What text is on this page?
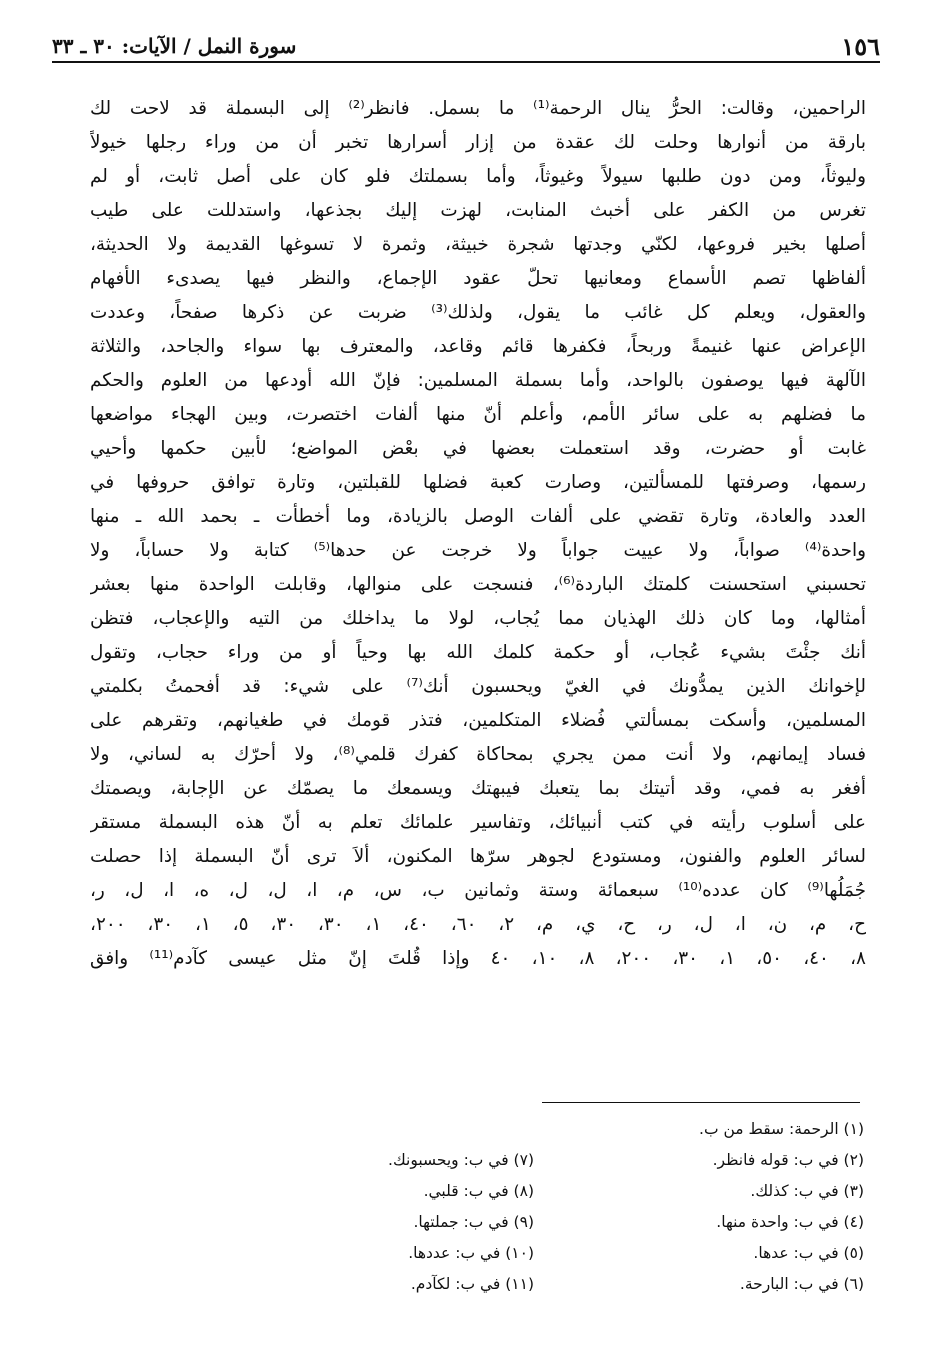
١٥٦
سورة النمل / الآيات: ٣٠ ـ ٣٣
الراحمين، وقالت: الحرُّ ينال الرحمة⁽¹⁾ ما بسمل. فانظر⁽²⁾ إلى البسملة قد لاحت لك
بارقة من أنوارها وحلت لك عقدة من إزار أسرارها تخبر أن من وراء رجلها خيولاً
وليوثاً، ومن دون طلبها سيولاً وغيوثاً، وأما بسملتك فلو كان على أصل ثابت، أو لم
تغرس من الكفر على أخبث المنابت، لهزت إليك بجذعها، واستدللت على طيب
أصلها بخير فروعها، لكنّي وجدتها شجرة خبيثة، وثمرة لا تسوغها القديمة ولا الحديثة،
ألفاظها تصم الأسماع ومعانيها تحلّ عقود الإجماع، والنظر فيها يصدىء الأفهام
والعقول، ويعلم كل غائب ما يقول، ولذلك⁽³⁾ ضربت عن ذكرها صفحاً، وعددت
الإعراض عنها غنيمةً وربحاً، فكفرها قائم وقاعد، والمعترف بها سواء والجاحد، والثلاثة
الآلهة فيها يوصفون بالواحد، وأما بسملة المسلمين: فإنّ الله أودعها من العلوم والحكم
ما فضلهم به على سائر الأمم، وأعلم أنّ منها ألفات اختصرت، وبين الهجاء مواضعها
غابت أو حضرت، وقد استعملت بعضها في بعْض المواضع؛ لأبين حكمها وأحيي
رسمها، وصرفتها للمسألتين، وصارت كعبة فضلها للقبلتين، وتارة توافق حروفها في
العدد والعادة، وتارة تقضي على ألفات الوصل بالزيادة، وما أخطأت ـ بحمد الله ـ منها
واحدة⁽⁴⁾ صواباً، ولا عييت جواباً ولا خرجت عن حدها⁽⁵⁾ كتابة ولا حساباً، ولا
تحسبني استحسنت كلمتك الباردة⁽⁶⁾، فنسجت على منوالها، وقابلت الواحدة منها بعشر
أمثالها، وما كان ذلك الهذيان مما يُجاب، لولا ما يداخلك من التيه والإعجاب، فتظن
أنك جئْتَ بشيء عُجاب، أو حكمة كلمك الله بها وحياً أو من وراء حجاب، وتقول
لإخوانك الذين يمدُّونك في الغيّ ويحسبون أنك⁽⁷⁾ على شيء: قد أفحمتُ بكلمتي
المسلمين، وأسكت بمسألتي فُضلاء المتكلمين، فتذر قومك في طغيانهم، وتقرهم على
فساد إيمانهم، ولا أنت ممن يجري بمحاكاة كفرك قلمي⁽⁸⁾، ولا أحرّك به لساني، ولا
أفغر به فمي، وقد أتيتك بما يتعبك فيبهتك ويسمعك ما يصمّك عن الإجابة، ويصمتك
على أسلوب رأيته في كتب أنبيائك، وتفاسير علمائك تعلم به أنّ هذه البسملة مستقر
لسائر العلوم والفنون، ومستودع لجوهر سرّها المكنون، ألاَ ترى أنّ البسملة إذا حصلت
جُمَلُها⁽⁹⁾ كان عدده⁽¹⁰⁾ سبعمائة وستة وثمانين ب، س، م، ا، ل، ل، ه، ا، ل، ر،
ح، م، ن، ا، ل، ر، ح، ي، م، ٢، ٦٠، ٤٠، ١، ٣٠، ٣٠، ٥، ١، ٣٠، ٢٠٠،
٨، ٤٠، ٥٠، ١، ٣٠، ٢٠٠، ٨، ١٠، ٤٠ وإذا قُلتَ إنّ مثل عيسى كآدم⁽¹¹⁾ وافق
(١) الرحمة: سقط من ب.
(٢) في ب: قوله فانظر.
(٣) في ب: كذلك.
(٤) في ب: واحدة منها.
(٥) في ب: عدها.
(٦) في ب: البارحة.
(٧) في ب: ويحسبونك.
(٨) في ب: قلبي.
(٩) في ب: جملتها.
(١٠) في ب: عددها.
(١١) في ب: لكآدم.
